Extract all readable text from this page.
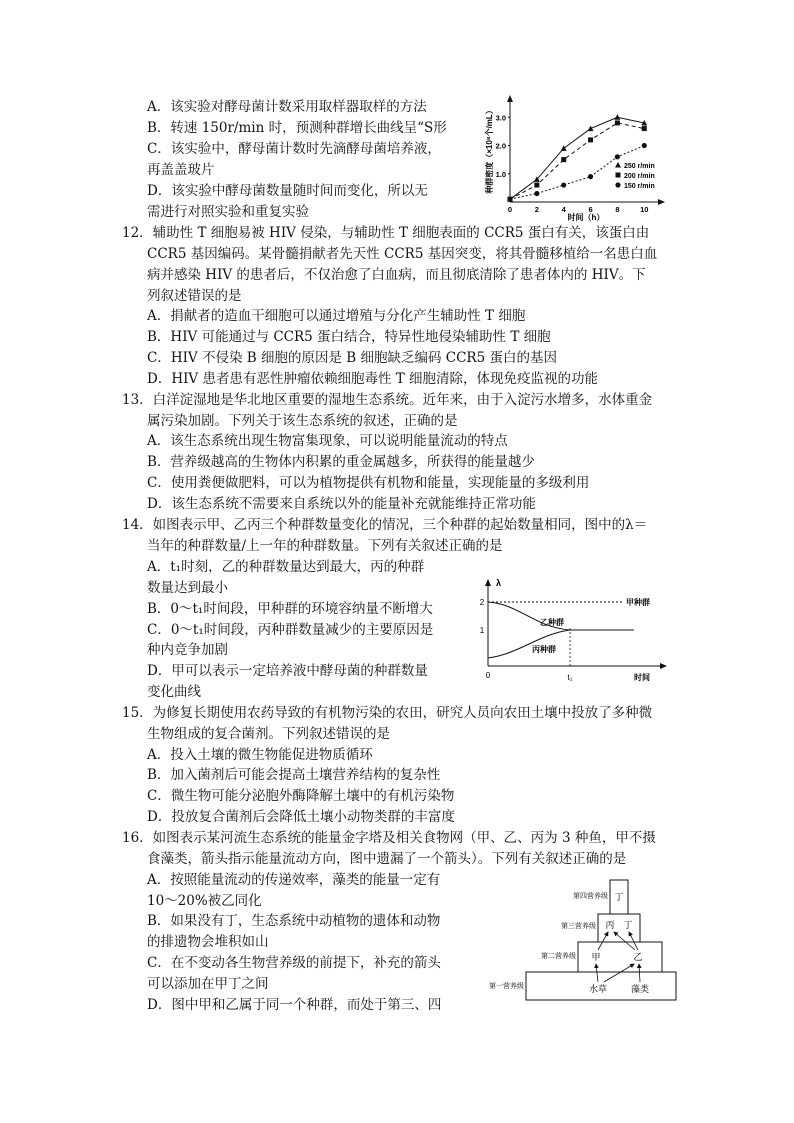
A．该实验对酵母菌计数采用取样器取样的方法
B．转速 150r/min 时，预测种群增长曲线呈“S形
C．该实验中，酵母菌计数时先滴酵母菌培养液，
再盖盖玻片
D．该实验中酵母菌数量随时间而变化，所以无
需进行对照实验和重复实验
种群密度（×10⁸个/mL）
时间（h）
0	2	4	6	8	10
1.0
2.0
3.0
250 r/min
200 r/min
150 r/min
12．辅助性 T 细胞易被 HIV 侵染，与辅助性 T 细胞表面的 CCR5 蛋白有关，该蛋白由
CCR5 基因编码。某骨髓捐献者先天性 CCR5 基因突变，将其骨髓移植给一名患白血
病并感染 HIV 的患者后，不仅治愈了白血病，而且彻底清除了患者体内的 HIV。下
列叙述错误的是
A．捐献者的造血干细胞可以通过增殖与分化产生辅助性 T 细胞
B．HIV 可能通过与 CCR5 蛋白结合，特异性地侵染辅助性 T 细胞
C．HIV 不侵染 B 细胞的原因是 B 细胞缺乏编码 CCR5 蛋白的基因
D．HIV 患者患有恶性肿瘤依赖细胞毒性 T 细胞清除，体现免疫监视的功能
13．白洋淀湿地是华北地区重要的湿地生态系统。近年来，由于入淀污水增多，水体重金
属污染加剧。下列关于该生态系统的叙述，正确的是
A．该生态系统出现生物富集现象，可以说明能量流动的特点
B．营养级越高的生物体内积累的重金属越多，所获得的能量越少
C．使用粪便做肥料，可以为植物提供有机物和能量，实现能量的多级利用
D．该生态系统不需要来自系统以外的能量补充就能维持正常功能
14．如图表示甲、乙丙三个种群数量变化的情况，三个种群的起始数量相同，图中的λ＝
当年的种群数量/上一年的种群数量。下列有关叙述正确的是
A．t₁时刻，乙的种群数量达到最大，丙的种群
数量达到最小
B．0～t₁时间段，甲种群的环境容纳量不断增大
C．0～t₁时间段，丙种群数量减少的主要原因是
种内竞争加剧
D．甲可以表示一定培养液中酵母菌的种群数量
变化曲线
λ
2
1
0	t₁	时间
甲种群
乙种群
丙种群
15．为修复长期使用农药导致的有机物污染的农田，研究人员向农田土壤中投放了多种微
生物组成的复合菌剂。下列叙述错误的是
A．投入土壤的微生物能促进物质循环
B．加入菌剂后可能会提高土壤营养结构的复杂性
C．微生物可能分泌胞外酶降解土壤中的有机污染物
D．投放复合菌剂后会降低土壤小动物类群的丰富度
16．如图表示某河流生态系统的能量金字塔及相关食物网（甲、乙、丙为 3 种鱼，甲不摄
食藻类，箭头指示能量流动方向，图中遗漏了一个箭头）。下列有关叙述正确的是
A．按照能量流动的传递效率，藻类的能量一定有
10～20%被乙同化
B．如果没有丁，生态系统中动植物的遗体和动物
的排遗物会堆积如山
C．在不变动各生物营养级的前提下，补充的箭头
可以添加在甲丁之间
D．图中甲和乙属于同一个种群，而处于第三、四
第一营养级
第二营养级
第三营养级
第四营养级 丁
丙 丁
甲	乙
水草	藻类
